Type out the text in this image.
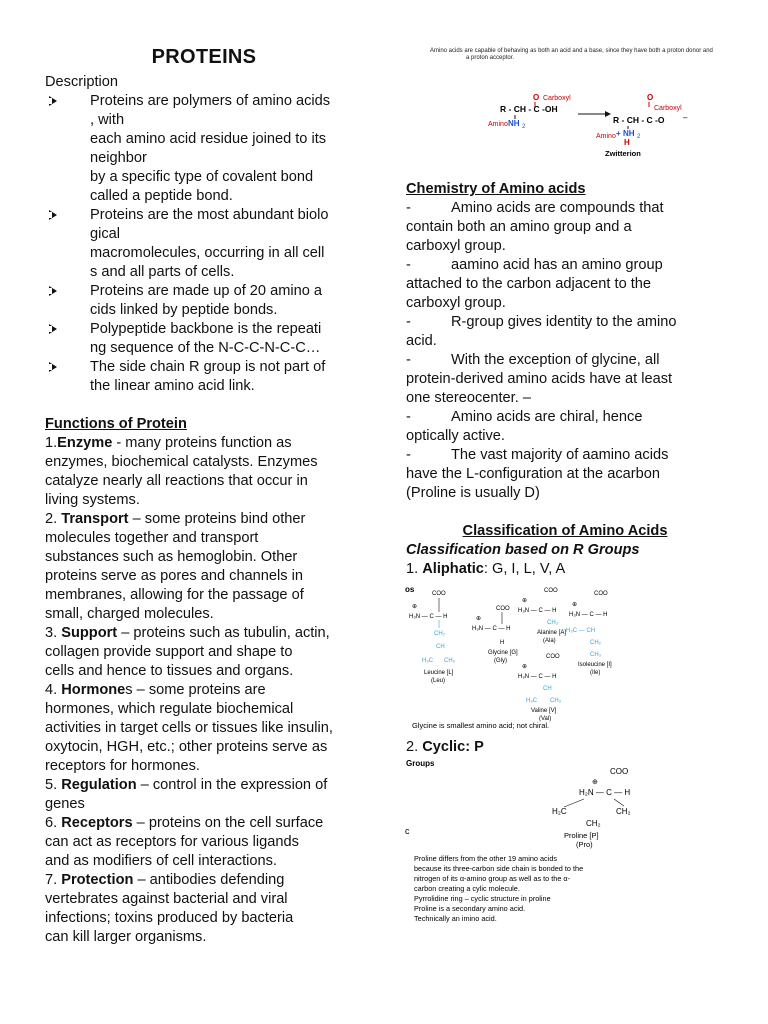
PROTEINS
Description
Proteins are polymers of amino acids
, with
each amino acid residue joined to its
neighbor
by a specific type of covalent bond
called a peptide bond.
Proteins are the most abundant biolo
gical
macromolecules, occurring in all cell
s and all parts of cells.
Proteins are made up of 20 amino a
cids linked by peptide bonds.
Polypeptide backbone is the repeati
ng sequence of the N-C-C-N-C-C…
The side chain R group is not part of
the linear amino acid link.
Functions of Protein
1.Enzyme - many proteins function as
enzymes, biochemical catalysts. Enzymes
catalyze nearly all reactions that occur in
living systems.
2. Transport – some proteins bind other
molecules together and transport
substances such as hemoglobin. Other
proteins serve as pores and channels in
membranes, allowing for the passage of
small, charged molecules.
3. Support – proteins such as tubulin, actin,
collagen provide support and shape to
cells and hence to tissues and organs.
4. Hormones – some proteins are
hormones, which regulate biochemical
activities in target cells or tissues like insulin,
oxytocin, HGH, etc.; other proteins serve as
receptors for hormones.
5. Regulation – control in the expression of
genes
6. Receptors – proteins on the cell surface
can act as receptors for various ligands
and as modifiers of cell interactions.
7. Protection – antibodies defending
vertebrates against bacterial and viral
infections; toxins produced by bacteria
can kill larger organisms.
Amino acids are capable of behaving as both an acid and a base, since they have both a proton donor and
a proton acceptor.
O Carboxyl
R - CH - C -OH
Amino NH 2
O
Carboxyl
R - CH - C -O –
Amino + NH 2
H
Zwitterion
Chemistry of Amino acids
-	Amino acids are compounds that
contain both an amino group and a
carboxyl group.
-	aamino acid has an amino group
attached to the carbon adjacent to the
carboxyl group.
-	R-group gives identity to the amino
acid.
-	With the exception of glycine, all
protein-derived amino acids have at least
one stereocenter. –
-	Amino acids are chiral, hence
optically active.
-	The vast majority of aamino acids
have the L-configuration at the acarbon
(Proline is usually D)
Classification of Amino Acids
Classification based on R Groups
1. Aliphatic: G, I, L, V, A
os	COO
⊕
H₃N — C — H
CH₂
CH
H₃C CH₃
Leucine [L]
(Leu)
COO
⊕
H₃N — C — H
H
Glycine [G]
(Gly)
COO
⊕
H₃N — C — H
CH₃
Alanine [A]
(Ala)
COO
⊕
H₃N — C — H
H₃C — CH
CH₂
CH₃
Isoleucine [I]
(Ile)
COO
⊕
H₃N — C — H
CH
H₃C CH₃
Valine [V]
(Val)
Glycine is smallest amino acid; not chiral.
2. Cyclic: P
Groups
COO
⊕
H₂N — C — H
H₂C	CH₂
CH₂
c	Proline [P]
(Pro)
Proline differs from the other 19 amino acids
because its three-carbon side chain is bonded to the
nitrogen of its α-amino group as well as to the α-
carbon creating a cylic molecule.
Pyrrolidine ring – cyclic structure in proline
Proline is a secondary amino acid.
Technically an imino acid.
